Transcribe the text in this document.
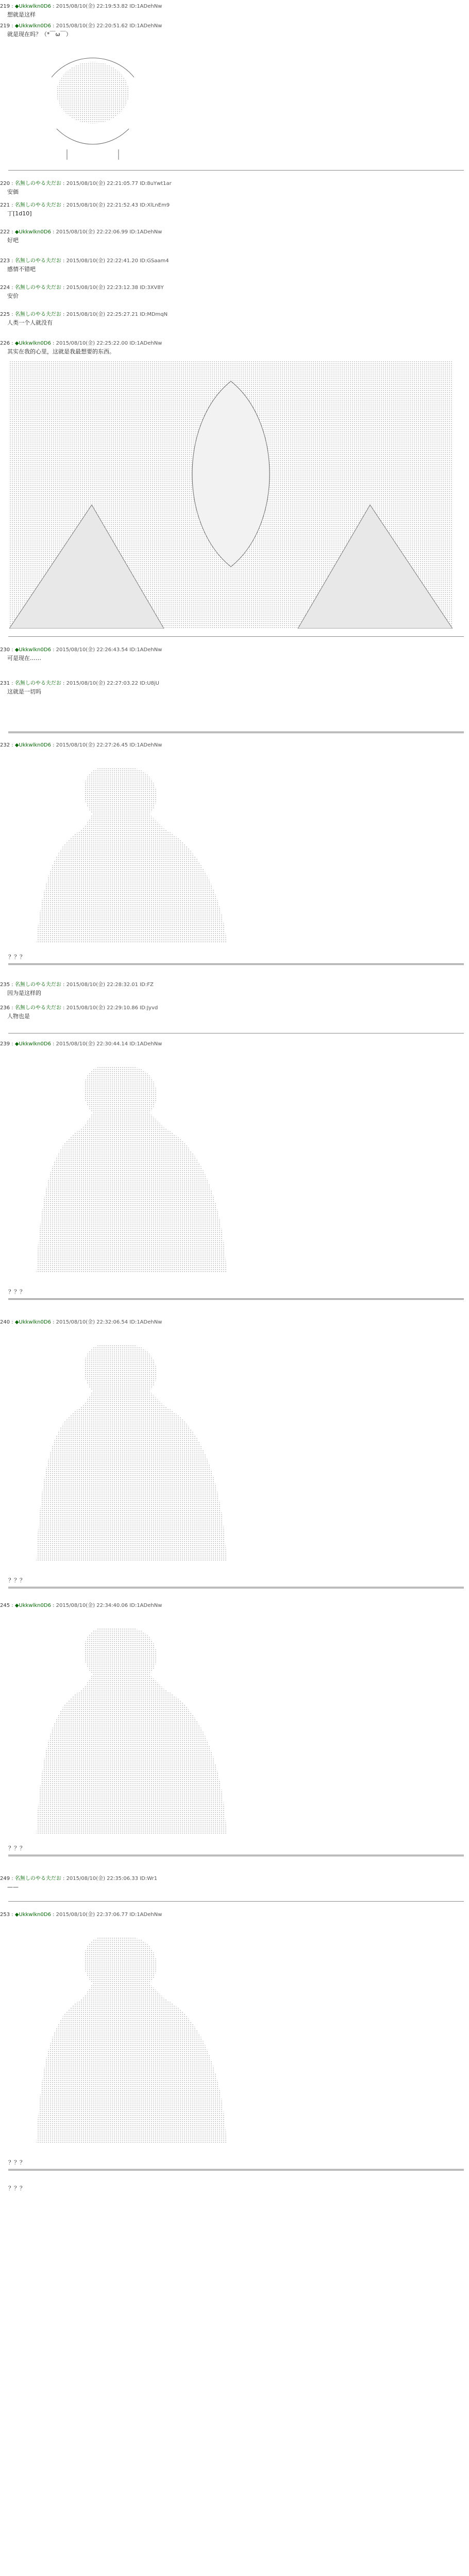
219 : ◆Ukkwlkn0D6 : 2015/08/10(金) 22:19:53.82 ID:1ADehNw
想就是这样
219 : ◆Ukkwlkn0D6 : 2015/08/10(金) 22:20:51.62 ID:1ADehNw
就是现在吗？（*￣ω￣）
220 : 名無しのやる夫だお : 2015/08/10(金) 22:21:05.77 ID:8uYwt1ar
安価
221 : 名無しのやる夫だお : 2015/08/10(金) 22:21:52.43 ID:XlLnEm9
丁[1d10]
222 : ◆Ukkwlkn0D6 : 2015/08/10(金) 22:22:06.99 ID:1ADehNw
好吧
223 : 名無しのやる夫だお : 2015/08/10(金) 22:22:41.20 ID:GSaam4
感情不错吧
224 : 名無しのやる夫だお : 2015/08/10(金) 22:23:12.38 ID:3XV8Y
安价
225 : 名無しのやる夫だお : 2015/08/10(金) 22:25:27.21 ID:MDmqN
人类一个人就没有
226 : ◆Ukkwlkn0D6 : 2015/08/10(金) 22:25:22.00 ID:1ADehNw
其实在我的心里，这就是我最想要的东西。
230 : ◆Ukkwlkn0D6 : 2015/08/10(金) 22:26:43.54 ID:1ADehNw
可是现在……
231 : 名無しのやる夫だお : 2015/08/10(金) 22:27:03.22 ID:U8jU
这就是一切吗
232 : ◆Ukkwlkn0D6 : 2015/08/10(金) 22:27:26.45 ID:1ADehNw
？？？
235 : 名無しのやる夫だお : 2015/08/10(金) 22:28:32.01 ID:FZ
因为是这样的
236 : 名無しのやる夫だお : 2015/08/10(金) 22:29:10.86 ID:Jyvd
人物也是
239 : ◆Ukkwlkn0D6 : 2015/08/10(金) 22:30:44.14 ID:1ADehNw
？？？
240 : ◆Ukkwlkn0D6 : 2015/08/10(金) 22:32:06.54 ID:1ADehNw
？？？
245 : ◆Ukkwlkn0D6 : 2015/08/10(金) 22:34:40.06 ID:1ADehNw
？？？
249 : 名無しのやる夫だお : 2015/08/10(金) 22:35:06.33 ID:Wr1
——
253 : ◆Ukkwlkn0D6 : 2015/08/10(金) 22:37:06.77 ID:1ADehNw
？？？
？？？
